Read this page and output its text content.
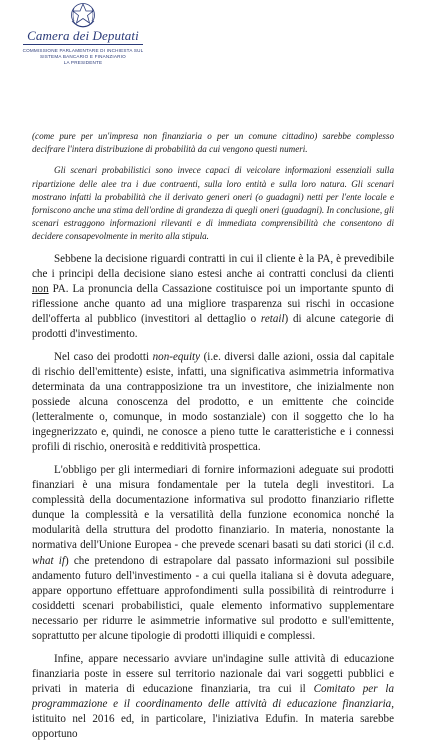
Camera dei Deputati
COMMISSIONE PARLAMENTARE DI INCHIESTA SUL
SISTEMA BANCARIO E FINANZIARIO
LA PRESIDENTE

(come pure per un'impresa non finanziaria o per un comune cittadino) sarebbe complesso decifrare l'intera distribuzione di probabilità da cui vengono questi numeri.

Gli scenari probabilistici sono invece capaci di veicolare informazioni essenziali sulla ripartizione delle alee tra i due contraenti, sulla loro entità e sulla loro natura. Gli scenari mostrano infatti la probabilità che il derivato generi oneri (o guadagni) netti per l'ente locale e forniscono anche una stima dell'ordine di grandezza di quegli oneri (guadagni). In conclusione, gli scenari estraggono informazioni rilevanti e di immediata comprensibilità che consentono di decidere consapevolmente in merito alla stipula.

Sebbene la decisione riguardi contratti in cui il cliente è la PA, è prevedibile che i principi della decisione siano estesi anche ai contratti conclusi da clienti non PA. La pronuncia della Cassazione costituisce poi un importante spunto di riflessione anche quanto ad una migliore trasparenza sui rischi in occasione dell'offerta al pubblico (investitori al dettaglio o retail) di alcune categorie di prodotti d'investimento.

Nel caso dei prodotti non-equity (i.e. diversi dalle azioni, ossia dal capitale di rischio dell'emittente) esiste, infatti, una significativa asimmetria informativa determinata da una contrapposizione tra un investitore, che inizialmente non possiede alcuna conoscenza del prodotto, e un emittente che coincide (letteralmente o, comunque, in modo sostanziale) con il soggetto che lo ha ingegnerizzato e, quindi, ne conosce a pieno tutte le caratteristiche e i connessi profili di rischio, onerosità e redditività prospettica.

L'obbligo per gli intermediari di fornire informazioni adeguate sui prodotti finanziari è una misura fondamentale per la tutela degli investitori. La complessità della documentazione informativa sul prodotto finanziario riflette dunque la complessità e la versatilità della funzione economica nonché la modularità della struttura del prodotto finanziario. In materia, nonostante la normativa dell'Unione Europea - che prevede scenari basati su dati storici (il c.d. what if) che pretendono di estrapolare dal passato informazioni sul possibile andamento futuro dell'investimento - a cui quella italiana si è dovuta adeguare, appare opportuno effettuare approfondimenti sulla possibilità di reintrodurre i cosiddetti scenari probabilistici, quale elemento informativo supplementare necessario per ridurre le asimmetrie informative sul prodotto e sull'emittente, soprattutto per alcune tipologie di prodotti illiquidi e complessi.

Infine, appare necessario avviare un'indagine sulle attività di educazione finanziaria poste in essere sul territorio nazionale dai vari soggetti pubblici e privati in materia di educazione finanziaria, tra cui il Comitato per la programmazione e il coordinamento delle attività di educazione finanziaria, istituito nel 2016 ed, in particolare, l'iniziativa Edufin. In materia sarebbe opportuno
